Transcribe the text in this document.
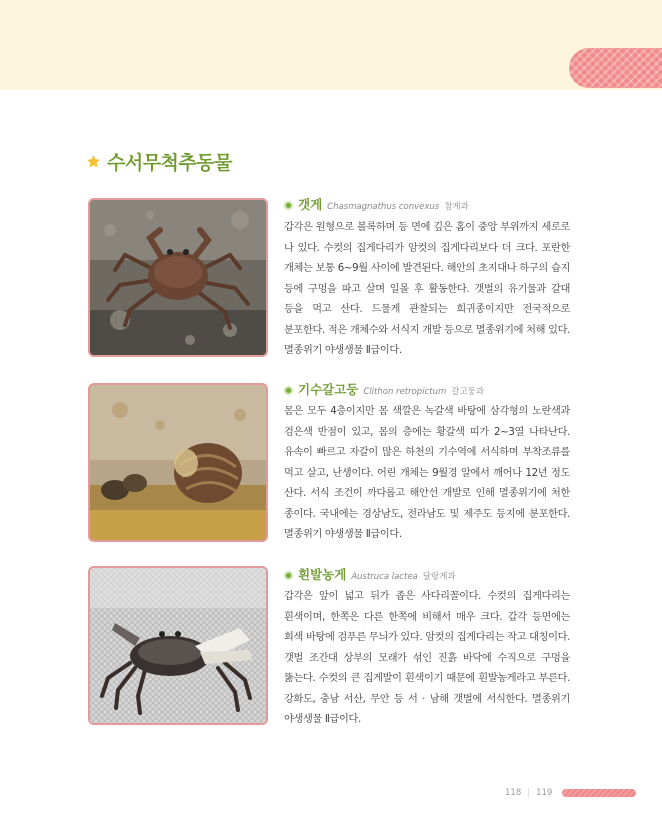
수서무척추동물
갯게 Chasmagnathus convexus 참게과
갑각은 원형으로 볼록하며 등 면에 깊은 홈이 중앙 부위까지 세로로 나 있다. 수컷의 집게다리가 암컷의 집게다리보다 더 크다. 포란한 개체는 보통 6~9월 사이에 발견된다. 해안의 초지대나 하구의 습지 등에 구멍을 파고 살며 일몰 후 활동한다. 갯벌의 유기물과 갈대 등을 먹고 산다. 드물게 관찰되는 희귀종이지만 전국적으로 분포한다. 적은 개체수와 서식지 개발 등으로 멸종위기에 처해 있다. 멸종위기 야생생물 Ⅱ급이다.
기수갈고둥 Clithon retropictum 갈고둥과
몸은 모두 4층이지만 몸 색깔은 녹갈색 바탕에 삼각형의 노란색과 검은색 반점이 있고, 몸의 층에는 황갈색 띠가 2~3열 나타난다. 유속이 빠르고 자갈이 많은 하천의 기수역에 서식하며 부착조류를 먹고 살고, 난생이다. 어린 개체는 9월경 알에서 깨어나 12년 정도 산다. 서식 조건이 까다롭고 해안선 개발로 인해 멸종위기에 처한 종이다. 국내에는 경상남도, 전라남도 및 제주도 등지에 분포한다. 멸종위기 야생생물 Ⅱ급이다.
흰발농게 Austruca lactea 달랑게과
갑각은 앞이 넓고 뒤가 좁은 사다리꼴이다. 수컷의 집게다리는 흰색이며, 한쪽은 다른 한쪽에 비해서 매우 크다. 갑각 등면에는 회색 바탕에 검푸른 무늬가 있다. 암컷의 집게다리는 작고 대칭이다. 갯벌 조간대 상부의 모래가 섞인 진흙 바닥에 수직으로 구멍을 뚫는다. 수컷의 큰 집게발이 흰색이기 때문에 흰발농게라고 부른다. 강화도, 충남 서산, 무안 등 서 · 남해 갯벌에 서식한다. 멸종위기 야생생물 Ⅱ급이다.
118 | 119
